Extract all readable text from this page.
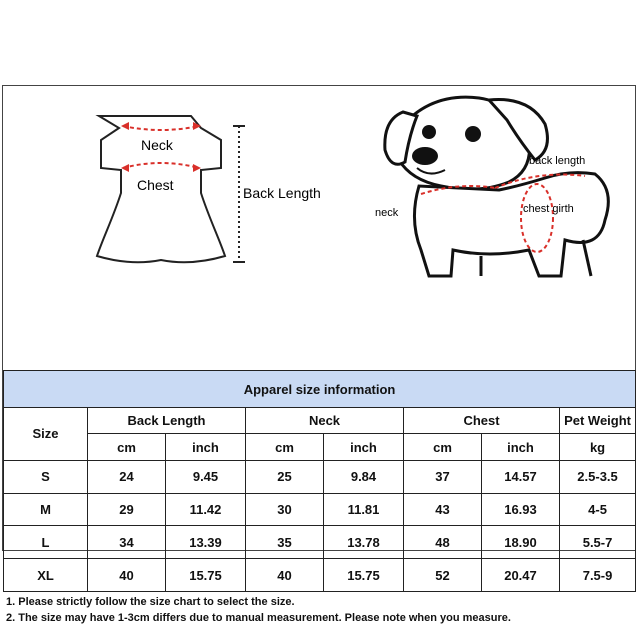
Neck
Chest	Back Length
back length
neck	chest girth
Apparel size information							
Size	Back Length		Neck		Chest		Pet Weight
	cm	inch	cm	inch	cm	inch	kg
S	24	9.45	25	9.84	37	14.57	2.5-3.5
M	29	11.42	30	11.81	43	16.93	4-5
L	34	13.39	35	13.78	48	18.90	5.5-7
XL	40	15.75	40	15.75	52	20.47	7.5-9
1. Please strictly follow the size chart to select the size.
2. The size may have 1-3cm differs due to manual measurement. Please note when you measure.
